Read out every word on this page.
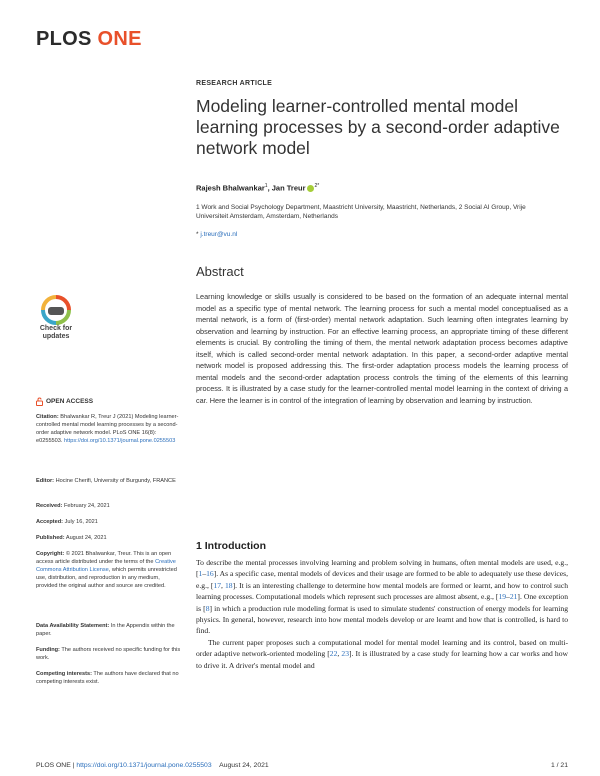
PLOS ONE
RESEARCH ARTICLE
Modeling learner-controlled mental model learning processes by a second-order adaptive network model
Rajesh Bhalwankar$^1$, Jan Treur $^{2*}$
1 Work and Social Psychology Department, Maastricht University, Maastricht, Netherlands, 2 Social AI Group, Vrije Universiteit Amsterdam, Amsterdam, Netherlands
* j.treur@vu.nl
Abstract
Learning knowledge or skills usually is considered to be based on the formation of an adequate internal mental model as a specific type of mental network. The learning process for such a mental model conceptualised as a mental network, is a form of (first-order) mental network adaptation. Such learning often integrates learning by observation and learning by instruction. For an effective learning process, an appropriate timing of these different elements is crucial. By controlling the timing of them, the mental network adaptation process becomes adaptive itself, which is called second-order mental network adaptation. In this paper, a second-order adaptive mental network model is proposed addressing this. The first-order adaptation process models the learning process of mental models and the second-order adaptation process controls the timing of the elements of this learning process. It is illustrated by a case study for the learner-controlled mental model learning in the context of driving a car. Here the learner is in control of the integration of learning by observation and learning by instruction.
Check for
updates
OPEN ACCESS
Citation: Bhalwankar R, Treur J (2021) Modeling learner-controlled mental model learning processes by a second-order adaptive network model. PLoS ONE 16(8): e0255503. https://doi.org/10.1371/journal.pone.0255503
Editor: Hocine Cherifi, University of Burgundy, FRANCE
Received: February 24, 2021
Accepted: July 16, 2021
Published: August 24, 2021
Copyright: © 2021 Bhalwankar, Treur. This is an open access article distributed under the terms of the Creative Commons Attribution License, which permits unrestricted use, distribution, and reproduction in any medium, provided the original author and source are credited.
Data Availability Statement: In the Appendix within the paper.
Funding: The authors received no specific funding for this work.
Competing interests: The authors have declared that no competing interests exist.
1 Introduction

To describe the mental processes involving learning and problem solving in humans, often mental models are used, e.g., [1–16]. As a specific case, mental models of devices and their usage are formed to be able to adequately use these devices, e.g., [17, 18]. It is an interesting challenge to determine how mental models are formed or learnt, and how to control such learning processes. Computational models which represent such processes are almost absent, e.g., [19–21]. One exception is [8] in which a production rule modeling format is used to simulate students' construction of energy models for learning physics. In general, however, research into how mental models develop or are learnt and how that is controlled, is hard to find.

The current paper proposes such a computational model for mental model learning and its control, based on multi-order adaptive network-oriented modeling [22, 23]. It is illustrated by a case study for learning how a car works and how to drive it. A driver's mental model and

PLOS ONE | https://doi.org/10.1371/journal.pone.0255503 August 24, 2021	1 / 21
